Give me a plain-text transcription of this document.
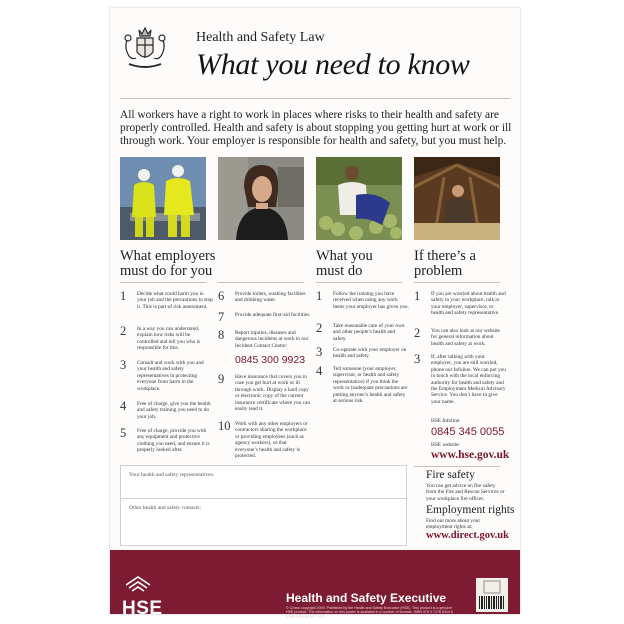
Health and Safety Law
What you need to know
All workers have a right to work in places where risks to their health and safety are properly controlled. Health and safety is about stopping you getting hurt at work or ill through work. Your employer is responsible for health and safety, but you must help.
What employers
must do for you
What you
must do
If there’s a
problem
1 Decide what could harm you in your job and the precautions to stop it. This is part of risk assessment.
2 In a way you can understand, explain how risks will be controlled and tell you who is responsible for this.
3 Consult and work with you and your health and safety representatives in protecting everyone from harm in the workplace.
4 Free of charge, give you the health and safety training you need to do your job.
5 Free of charge, provide you with any equipment and protective clothing you need, and ensure it is properly looked after.
6 Provide toilets, washing facilities and drinking water.
7 Provide adequate first-aid facilities.
8 Report injuries, diseases and dangerous incidents at work to our Incident Contact Centre:
0845 300 9923
9 Have insurance that covers you in case you get hurt at work or ill through work. Display a hard copy or electronic copy of the current insurance certificate where you can easily read it.
10 Work with any other employers or contractors sharing the workplace or providing employees (such as agency workers), so that everyone’s health and safety is protected.
1 Follow the training you have received when using any work items your employer has given you.
2 Take reasonable care of your own and other people’s health and safety.
3 Co-operate with your employer on health and safety.
4 Tell someone (your employer, supervisor, or health and safety representative) if you think the work or inadequate precautions are putting anyone’s health and safety at serious risk.
1 If you are worried about health and safety in your workplace, talk to your employer, supervisor, or health and safety representative.
2 You can also look at our website for general information about health and safety at work.
3 If, after talking with your employer, you are still worried, phone our Infoline. We can put you in touch with the local enforcing authority for health and safety and the Employment Medical Advisory Service. You don’t have to give your name.
HSE Infoline:
0845 345 0055
HSE website:
www.hse.gov.uk
Fire safety
You can get advice on fire safety from the Fire and Rescue Services or your workplace fire officer.
Employment rights
Find out more about your employment rights at:
www.direct.gov.uk
Your health and safety representatives:
Other health and safety contacts:
HSE	Health and Safety Executive
© Crown copyright 2009. Published by the Health and Safety Executive (HSE). This product is a genuine HSE product. The information on this poster is available in a number of formats. ISBN 978 0 7176 6314 6 02/09 Price £6.00 + VAT
